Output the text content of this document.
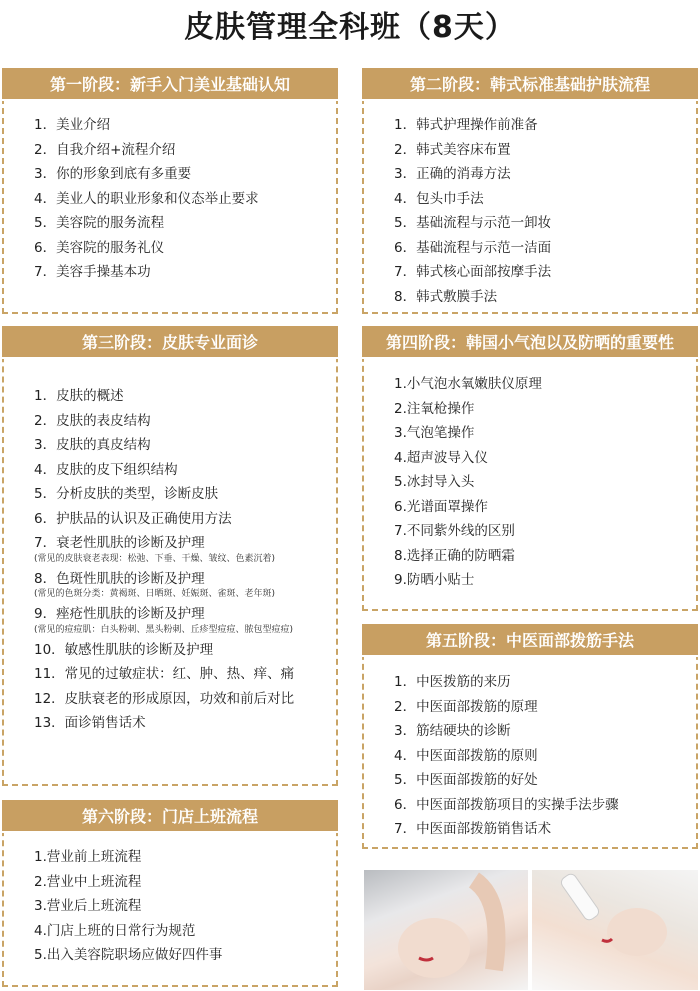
皮肤管理全科班（8天）
第一阶段：新手入门美业基础认知
1．美业介绍
2．自我介绍+流程介绍
3．你的形象到底有多重要
4．美业人的职业形象和仪态举止要求
5．美容院的服务流程
6．美容院的服务礼仪
7．美容手操基本功
第二阶段：韩式标准基础护肤流程
1．韩式护理操作前准备
2．韩式美容床布置
3．正确的消毒方法
4．包头巾手法
5．基础流程与示范一卸妆
6．基础流程与示范一洁面
7．韩式核心面部按摩手法
8．韩式敷膜手法
第三阶段：皮肤专业面诊
1．皮肤的概述
2．皮肤的表皮结构
3．皮肤的真皮结构
4．皮肤的皮下组织结构
5．分析皮肤的类型，诊断皮肤
6．护肤品的认识及正确使用方法
7．衰老性肌肤的诊断及护理
(常见的皮肤衰老表现：松弛、下垂、干燥、皱纹、色素沉着)
8．色斑性肌肤的诊断及护理
(常见的色斑分类：黄褐斑、日晒斑、妊娠斑、雀斑、老年斑)
9．痤疮性肌肤的诊断及护理
(常见的痘痘肌：白头粉刺、黑头粉刺、丘疹型痘痘、脓包型痘痘)
10．敏感性肌肤的诊断及护理
11．常见的过敏症状：红、肿、热、痒、痛
12．皮肤衰老的形成原因，功效和前后对比
13．面诊销售话术
第四阶段：韩国小气泡以及防晒的重要性
1.小气泡水氧嫩肤仪原理
2.注氧枪操作
3.气泡笔操作
4.超声波导入仪
5.冰封导入头
6.光谱面罩操作
7.不同紫外线的区别
8.选择正确的防晒霜
9.防晒小贴士
第五阶段：中医面部拨筋手法
1．中医拨筋的来历
2．中医面部拨筋的原理
3．筋结硬块的诊断
4．中医面部拨筋的原则
5．中医面部拨筋的好处
6．中医面部拨筋项目的实操手法步骤
7．中医面部拨筋销售话术
第六阶段：门店上班流程
1.营业前上班流程
2.营业中上班流程
3.营业后上班流程
4.门店上班的日常行为规范
5.出入美容院职场应做好四件事
